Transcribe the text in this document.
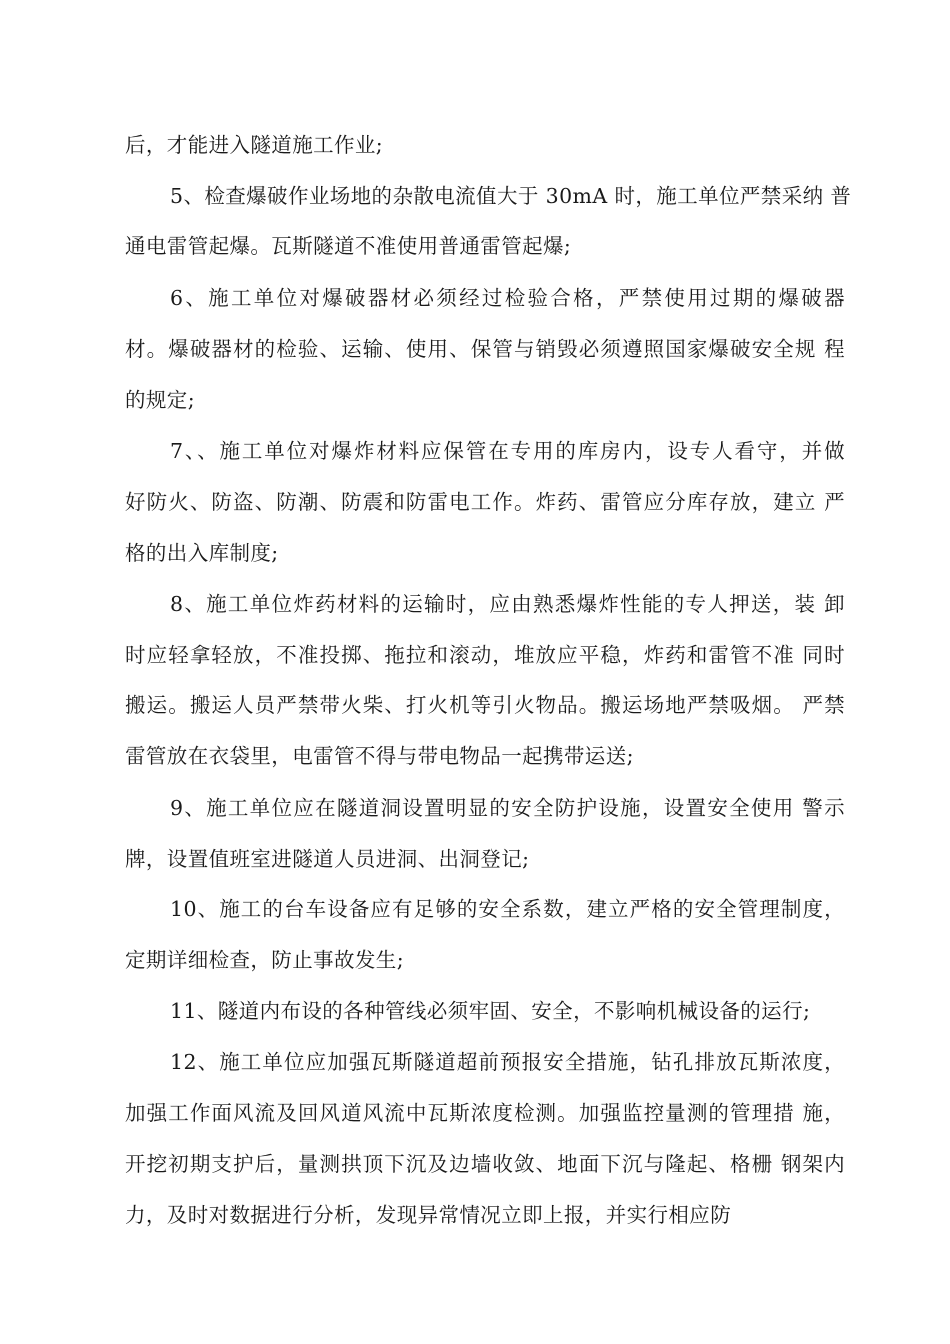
后，才能进入隧道施工作业;
5、检查爆破作业场地的杂散电流值大于 30mA 时，施工单位严禁采纳 普
通电雷管起爆。瓦斯隧道不准使用普通雷管起爆;
6、施工单位对爆破器材必须经过检验合格，严禁使用过期的爆破器
材。爆破器材的检验、运输、使用、保管与销毁必须遵照国家爆破安全规 程
的规定;
7、、施工单位对爆炸材料应保管在专用的库房内，设专人看守，并做
好防火、防盗、防潮、防震和防雷电工作。炸药、雷管应分库存放，建立 严
格的出入库制度;
8、施工单位炸药材料的运输时，应由熟悉爆炸性能的专人押送，装 卸
时应轻拿轻放，不准投掷、拖拉和滚动，堆放应平稳，炸药和雷管不准 同时
搬运。搬运人员严禁带火柴、打火机等引火物品。搬运场地严禁吸烟。 严禁
雷管放在衣袋里，电雷管不得与带电物品一起携带运送;
9、施工单位应在隧道洞设置明显的安全防护设施，设置安全使用 警示
牌，设置值班室进隧道人员进洞、出洞登记;
10、施工的台车设备应有足够的安全系数，建立严格的安全管理制度，
定期详细检查，防止事故发生;
11、隧道内布设的各种管线必须牢固、安全，不影响机械设备的运行;
12、施工单位应加强瓦斯隧道超前预报安全措施，钻孔排放瓦斯浓度，
加强工作面风流及回风道风流中瓦斯浓度检测。加强监控量测的管理措 施，
开挖初期支护后，量测拱顶下沉及边墙收敛、地面下沉与隆起、格栅 钢架内
力，及时对数据进行分析，发现异常情况立即上报，并实行相应防
